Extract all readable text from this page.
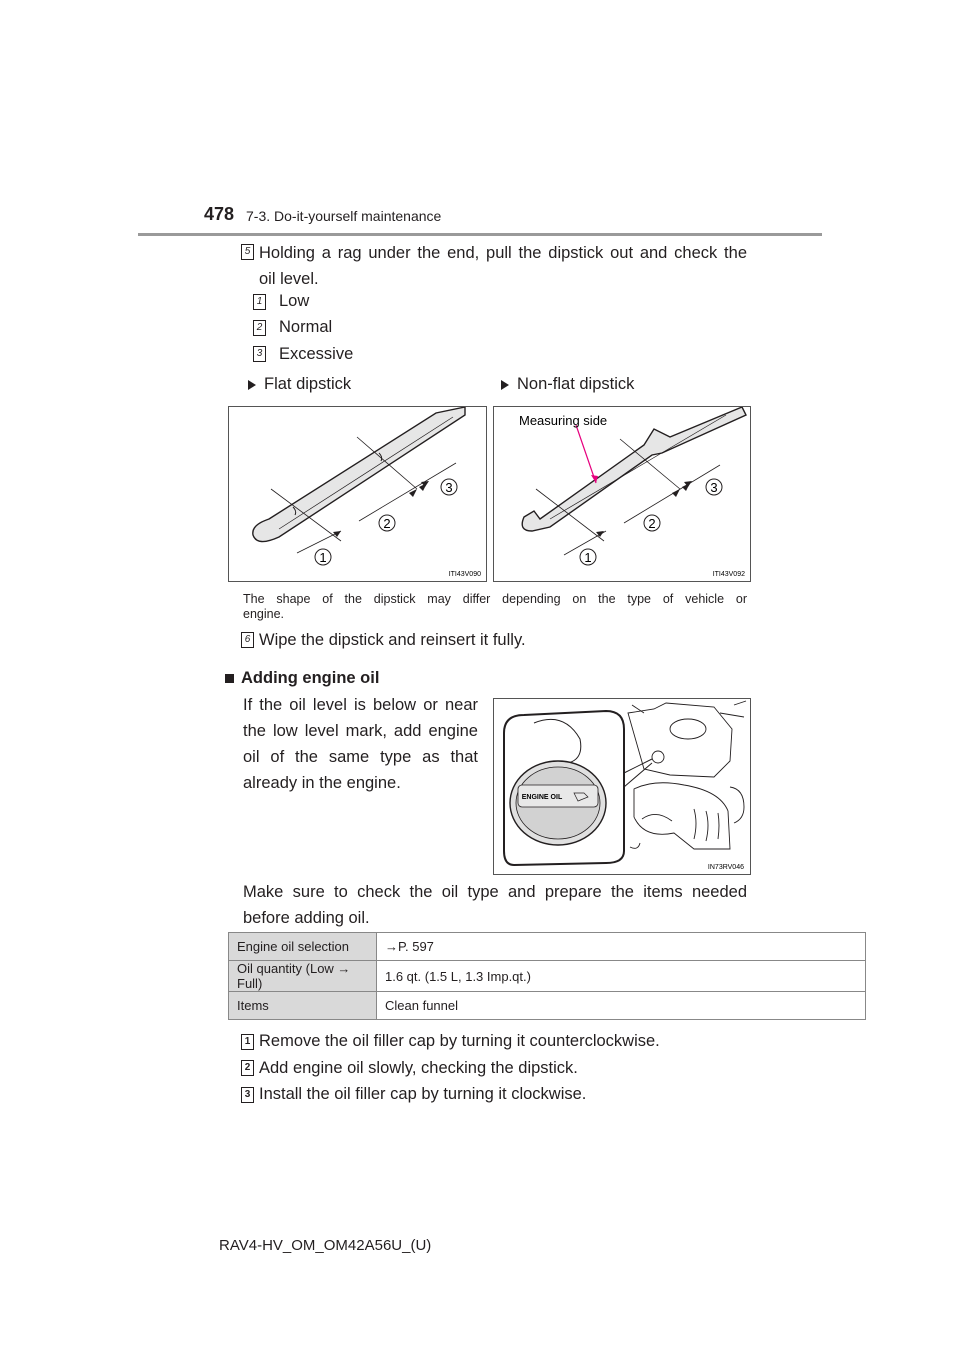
478 7-3. Do-it-yourself maintenance
5 Holding a rag under the end, pull the dipstick out and check the
oil level.
1 Low
2 Normal
3 Excessive
Flat dipstick	Non-flat dipstick
1
2
3
ITI43V090
Measuring side
1
2
3
ITI43V092
The shape of the dipstick may differ depending on the type of vehicle or
engine.
6 Wipe the dipstick and reinsert it fully.
Adding engine oil
If the oil level is below or near
the low level mark, add engine
oil of the same type as that
already in the engine.
ENGINE OIL
IN73RV046
Make sure to check the oil type and prepare the items needed
before adding oil.
Engine oil selection	→P. 597
Oil quantity (Low → Full)	1.6 qt. (1.5 L, 1.3 Imp.qt.)
Items	Clean funnel
1 Remove the oil filler cap by turning it counterclockwise.
2 Add engine oil slowly, checking the dipstick.
3 Install the oil filler cap by turning it clockwise.
RAV4-HV_OM_OM42A56U_(U)
